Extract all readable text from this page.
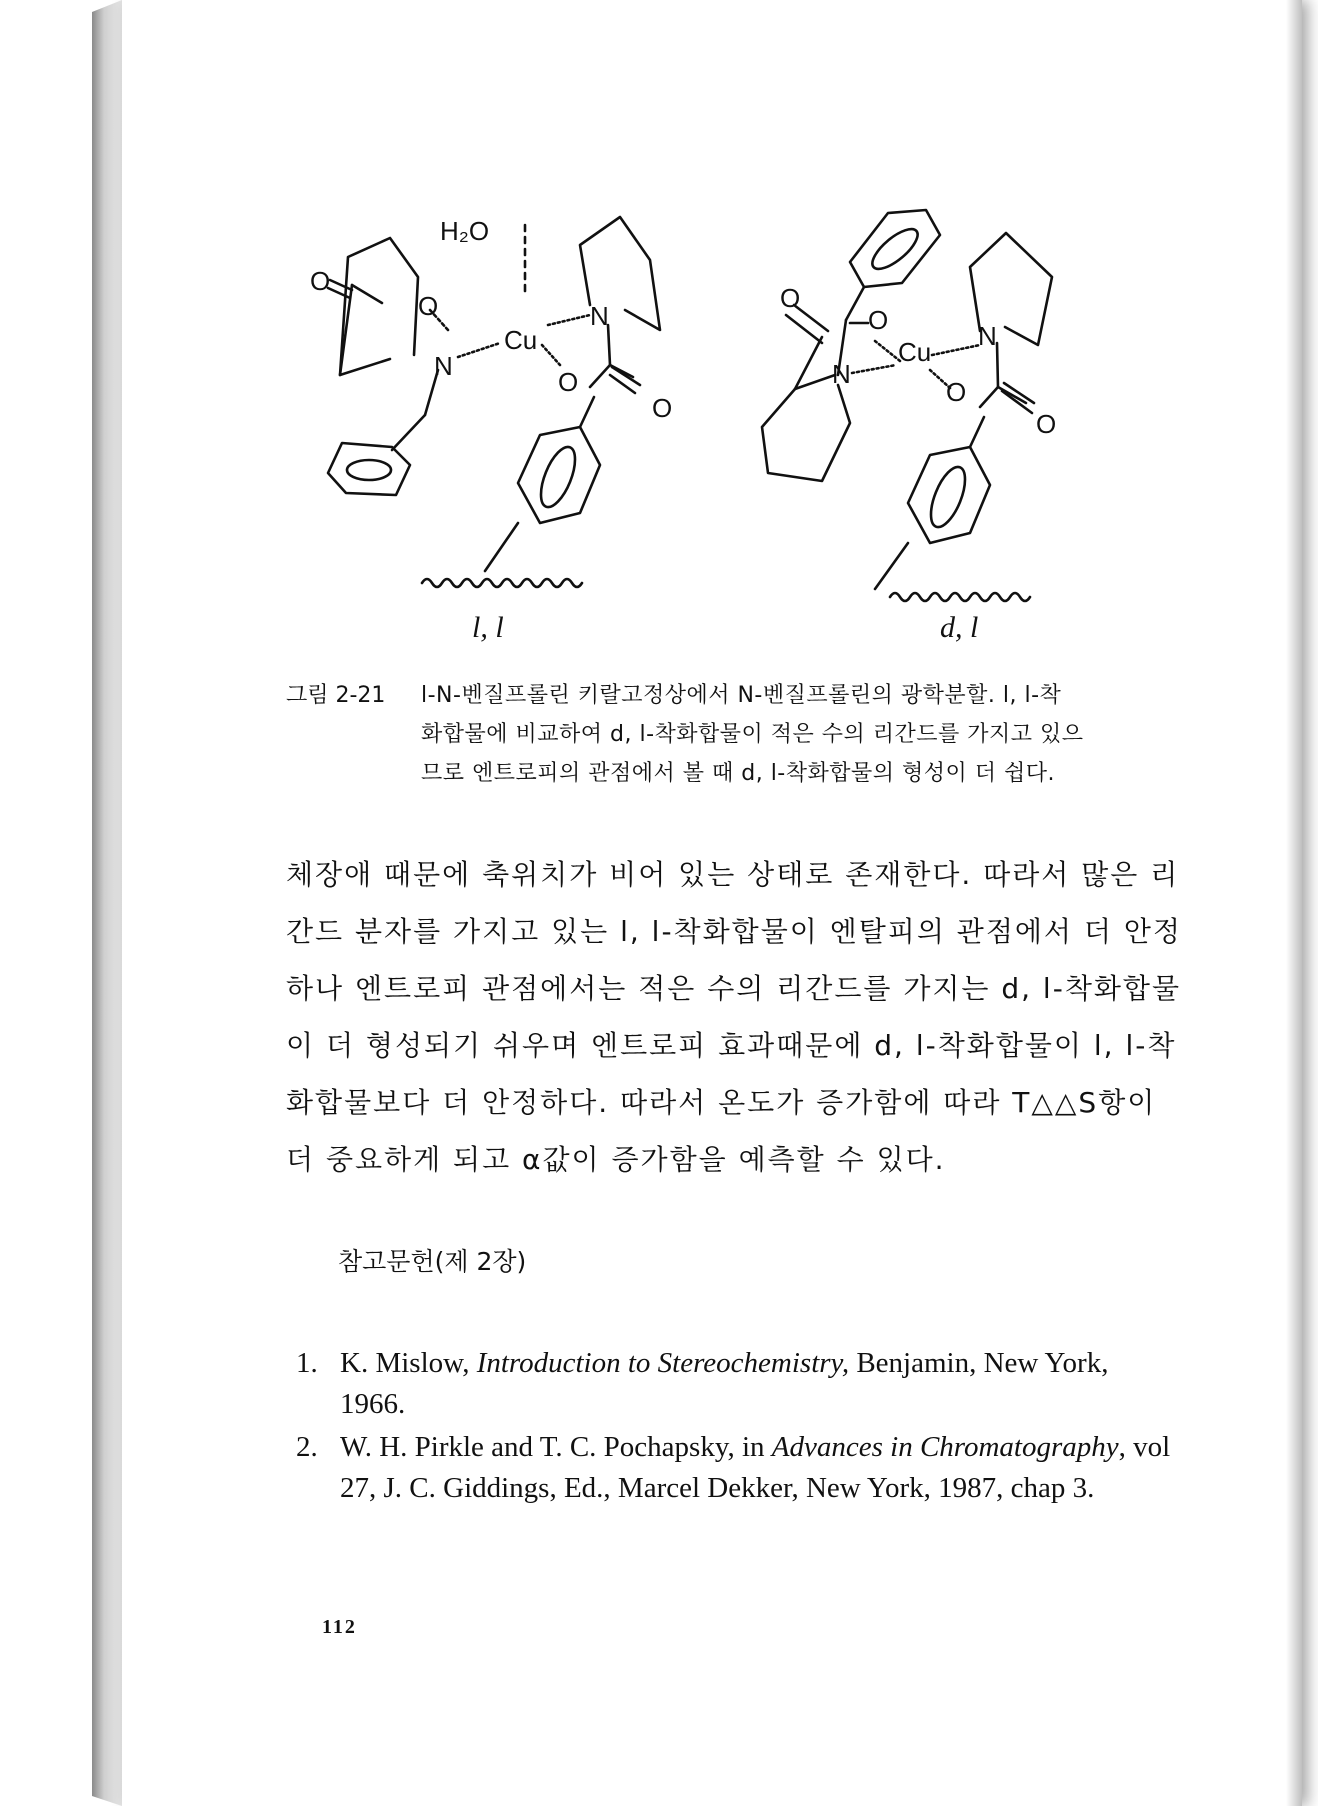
H₂O
O
O
N
Cu
N
O
O
O
O
N
Cu
N
O
O
l, l	d, l
그림 2-21 l-N-벤질프롤린 키랄고정상에서 N-벤질프롤린의 광학분할. l, l-착
화합물에 비교하여 d, l-착화합물이 적은 수의 리간드를 가지고 있으
므로 엔트로피의 관점에서 볼 때 d, l-착화합물의 형성이 더 쉽다.
체장애 때문에 축위치가 비어 있는 상태로 존재한다. 따라서 많은 리
간드 분자를 가지고 있는 l, l-착화합물이 엔탈피의 관점에서 더 안정
하나 엔트로피 관점에서는 적은 수의 리간드를 가지는 d, l-착화합물
이 더 형성되기 쉬우며 엔트로피 효과때문에 d, l-착화합물이 l, l-착
화합물보다 더 안정하다. 따라서 온도가 증가함에 따라 T△△S항이
더 중요하게 되고 α값이 증가함을 예측할 수 있다.
참고문헌(제 2장)
1. K. Mislow, Introduction to Stereochemistry, Benjamin, New York, 1966.
2. W. H. Pirkle and T. C. Pochapsky, in Advances in Chromatography, vol 27, J. C. Giddings, Ed., Marcel Dekker, New York, 1987, chap 3.
112
